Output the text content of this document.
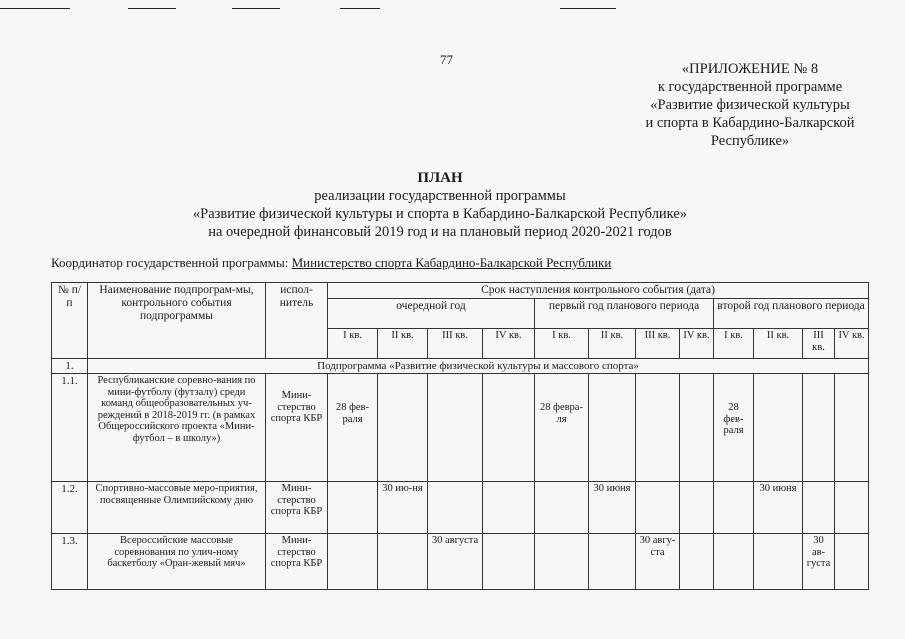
77
«ПРИЛОЖЕНИЕ № 8
к государственной программе
«Развитие физической культуры
и спорта в Кабардино-Балкарской
Республике»
ПЛАН
реализации государственной программы
«Развитие физической культуры и спорта в Кабардино-Балкарской Республике»
на очередной финансовый 2019 год и на плановый период 2020-2021 годов
Координатор государственной программы: Министерство спорта Кабардино-Балкарской Республики
№ п/п	Наименование подпрограм-мы, контрольного события подпрограммы	испол-нитель	Срок наступления контрольного события (дата)											
			очередной год				первый год планового периода				второй год планового периода			
			I кв.	II кв.	III кв.	IV кв.	I кв.	II кв.	III кв.	IV кв.	I кв.	II кв.	III кв.	IV кв.
1.	Подпрограмма «Развитие физической культуры и массового спорта»													
1.1.	Республиканские соревно-вания по мини-футболу (футзалу) среди команд общеобразовательных уч-реждений в 2018-2019 гг. (в рамках Общероссийского проекта «Мини-футбол – в школу»)	Мини-стерство спорта КБР	28 фев-раля				28 февра-ля				28 фев-раля			
1.2.	Спортивно-массовые меро-приятия, посвященные Олимпийскому дню	Мини-стерство спорта КБР		30 ию-ня				30 июня				30 июня		
1.3.	Всероссийские массовые соревнования по улич-ному баскетболу «Оран-жевый мяч»	Мини-стерство спорта КБР			30 августа				30 авгу-ста				30 ав-густа	
